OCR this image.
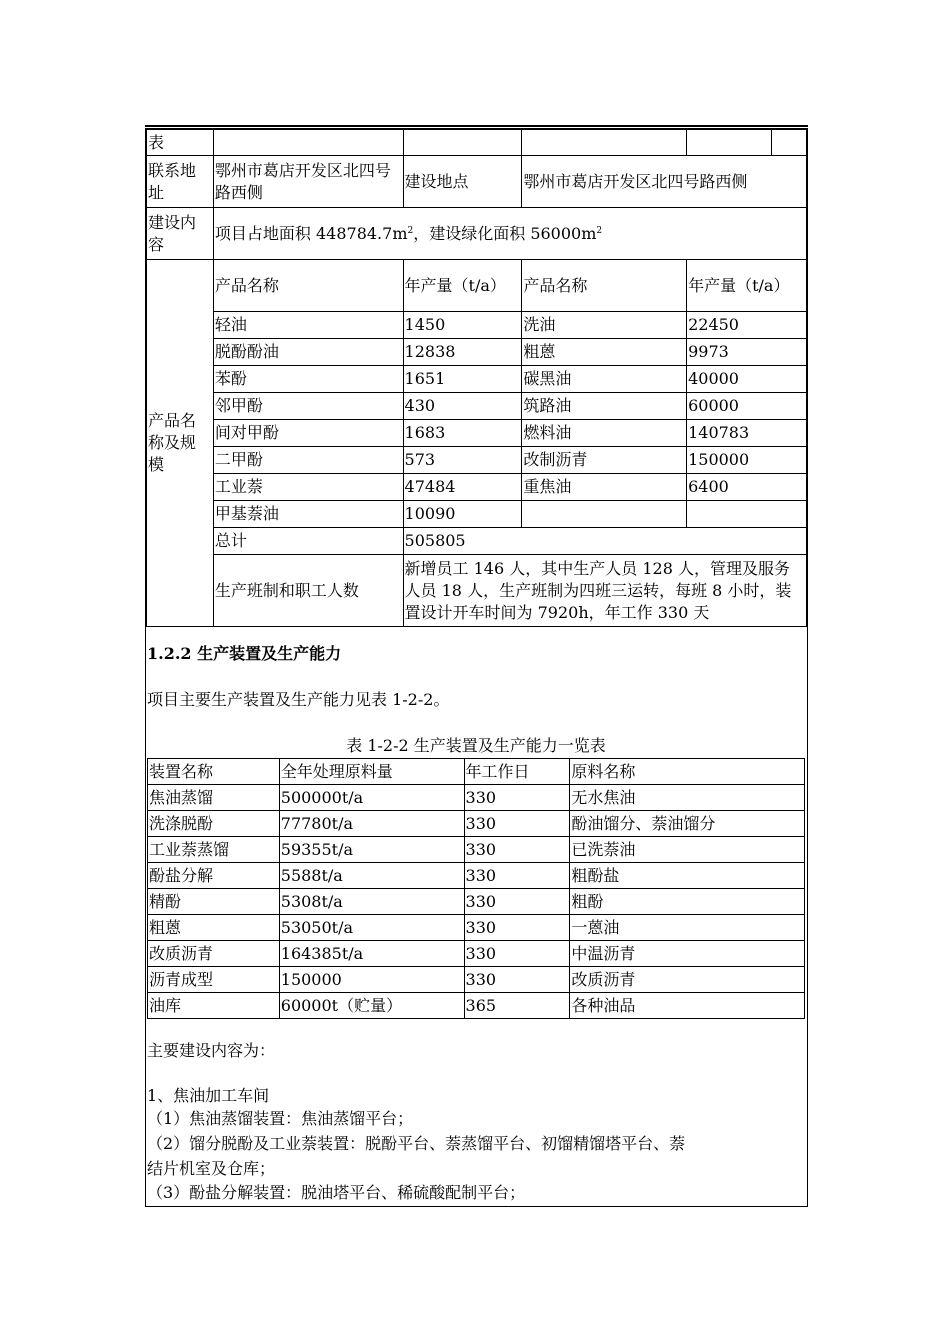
表					
联系地址	鄂州市葛店开发区北四号路西侧	建设地点	鄂州市葛店开发区北四号路西侧		
建设内容	项目占地面积 $448784.7m^2$，建设绿化面积 $56000m^2$
产品名称及规模	产品名称	年产量（t/a）	产品名称	年产量（t/a）	
	轻油	1450	洗油	22450	
	脱酚酚油	12838	粗蒽	9973	
	苯酚	1651	碳黑油	40000	
	邻甲酚	430	筑路油	60000	
	间对甲酚	1683	燃料油	140783	
	二甲酚	573	改制沥青	150000	
	工业萘	47484	重焦油	6400	
	甲基萘油	10090			
	总计	505805			
	生产班制和职工人数	新增员工 146 人，其中生产人员 128 人，管理及服务人员 18 人，生产班制为四班三运转，每班 8 小时，装置设计开车时间为 7920h，年工作 330 天			
1.2.2 生产装置及生产能力
项目主要生产装置及生产能力见表 1-2-2。
表 1-2-2 生产装置及生产能力一览表
装置名称	全年处理原料量	年工作日	原料名称
焦油蒸馏	500000t/a	330	无水焦油
洗涤脱酚	77780t/a	330	酚油馏分、萘油馏分
工业萘蒸馏	59355t/a	330	已洗萘油
酚盐分解	5588t/a	330	粗酚盐
精酚	5308t/a	330	粗酚
粗蒽	53050t/a	330	一蒽油
改质沥青	164385t/a	330	中温沥青
沥青成型	150000	330	改质沥青
油库	60000t（贮量）	365	各种油品
主要建设内容为：
1、焦油加工车间
（1）焦油蒸馏装置：焦油蒸馏平台；
（2）馏分脱酚及工业萘装置：脱酚平台、萘蒸馏平台、初馏精馏塔平台、萘
结片机室及仓库；
（3）酚盐分解装置：脱油塔平台、稀硫酸配制平台；
